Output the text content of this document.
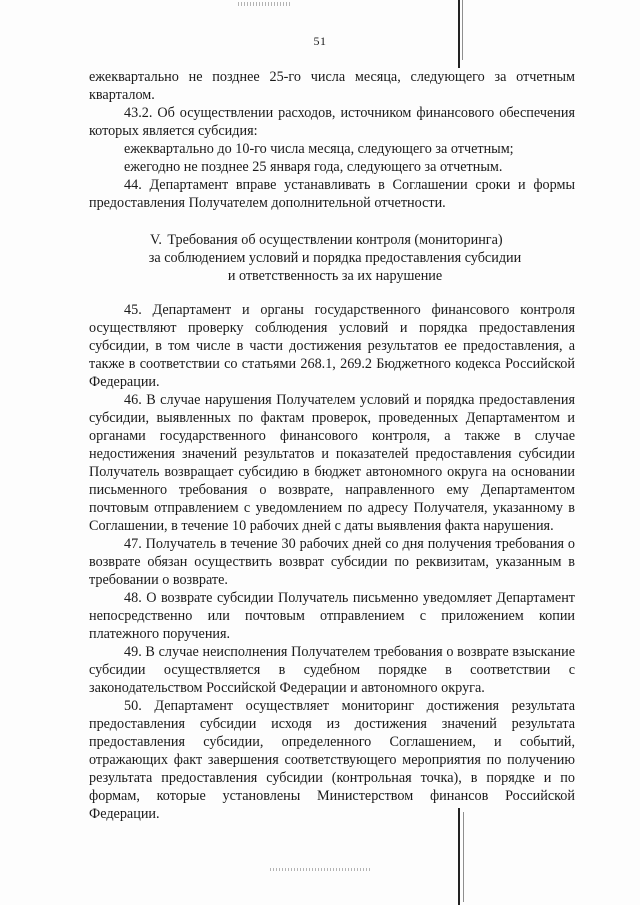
51

ежеквартально не позднее 25-го числа месяца, следующего за отчетным кварталом.

43.2. Об осуществлении расходов, источником финансового обеспечения которых является субсидия:

ежеквартально до 10-го числа месяца, следующего за отчетным;

ежегодно не позднее 25 января года, следующего за отчетным.

44. Департамент вправе устанавливать в Соглашении сроки и формы предоставления Получателем дополнительной отчетности.

V. Требования об осуществлении контроля (мониторинга)
за соблюдением условий и порядка предоставления субсидии
и ответственность за их нарушение

45. Департамент и органы государственного финансового контроля осуществляют проверку соблюдения условий и порядка предоставления субсидии, в том числе в части достижения результатов ее предоставления, а также в соответствии со статьями 268.1, 269.2 Бюджетного кодекса Российской Федерации.

46. В случае нарушения Получателем условий и порядка предоставления субсидии, выявленных по фактам проверок, проведенных Департаментом и органами государственного финансового контроля, а также в случае недостижения значений результатов и показателей предоставления субсидии Получатель возвращает субсидию в бюджет автономного округа на основании письменного требования о возврате, направленного ему Департаментом почтовым отправлением с уведомлением по адресу Получателя, указанному в Соглашении, в течение 10 рабочих дней с даты выявления факта нарушения.

47. Получатель в течение 30 рабочих дней со дня получения требования о возврате обязан осуществить возврат субсидии по реквизитам, указанным в требовании о возврате.

48. О возврате субсидии Получатель письменно уведомляет Департамент непосредственно или почтовым отправлением с приложением копии платежного поручения.

49. В случае неисполнения Получателем требования о возврате взыскание субсидии осуществляется в судебном порядке в соответствии с законодательством Российской Федерации и автономного округа.

50. Департамент осуществляет мониторинг достижения результата предоставления субсидии исходя из достижения значений результата предоставления субсидии, определенного Соглашением, и событий, отражающих факт завершения соответствующего мероприятия по получению результата предоставления субсидии (контрольная точка), в порядке и по формам, которые установлены Министерством финансов Российской Федерации.
